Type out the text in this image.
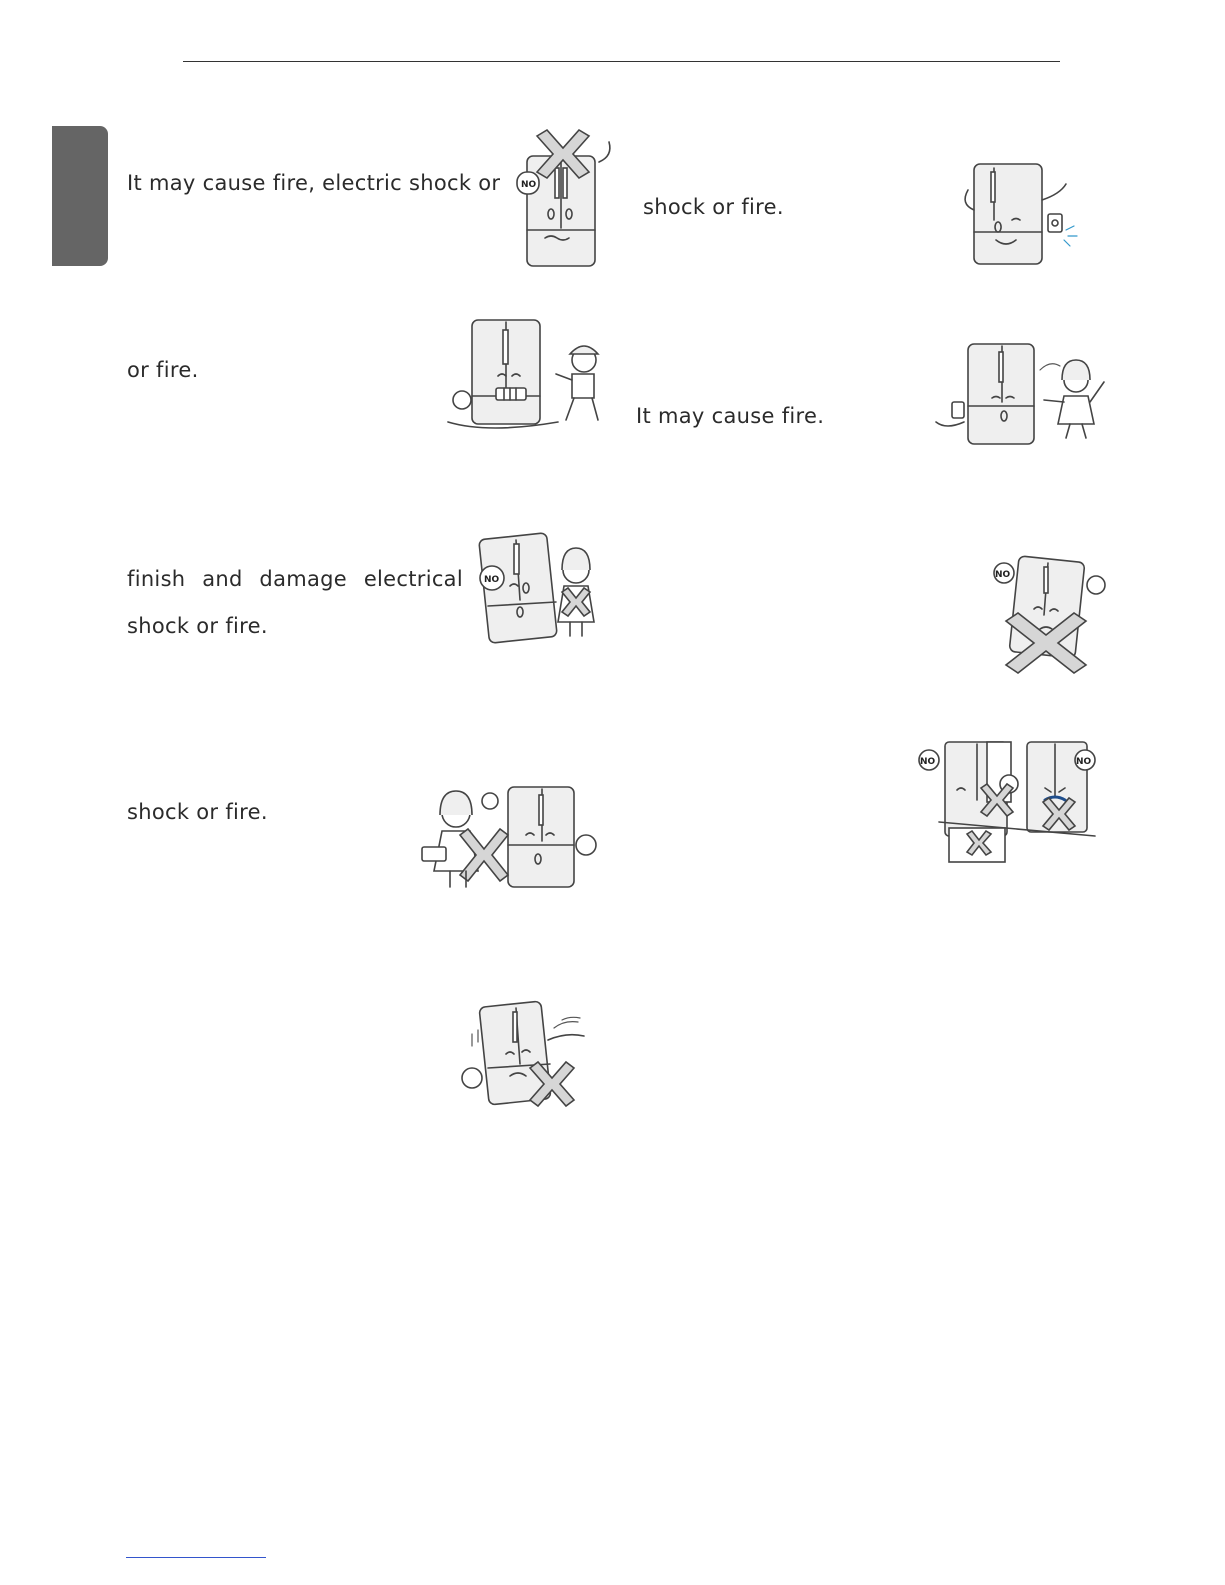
It may cause fire, electric shock or
shock or fire.
or fire.
It may cause fire.
finish and damage electrical
shock or fire.
shock or fire.
NO
NO	NO
NO	NO
